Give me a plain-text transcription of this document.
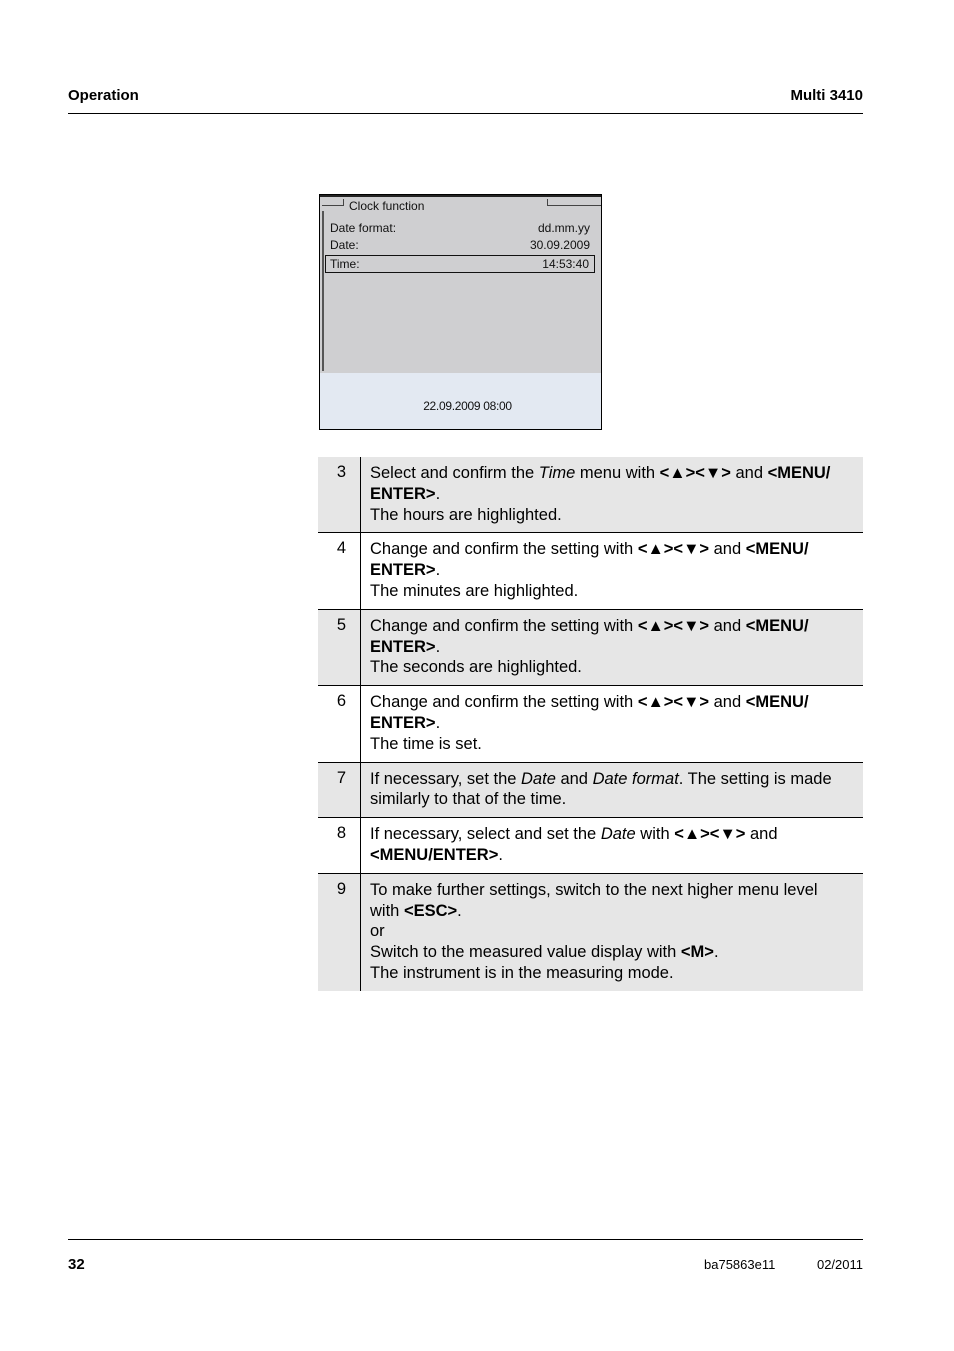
Operation	Multi 3410
Clock function
Date format:	dd.mm.yy
Date:	30.09.2009
Time:	14:53:40
22.09.2009 08:00
3	Select and confirm the Time menu with <▲><▼> and <MENU/
ENTER>.
The hours are highlighted.
4	Change and confirm the setting with <▲><▼> and <MENU/
ENTER>.
The minutes are highlighted.
5	Change and confirm the setting with <▲><▼> and <MENU/
ENTER>.
The seconds are highlighted.
6	Change and confirm the setting with <▲><▼> and <MENU/
ENTER>.
The time is set.
7	If necessary, set the Date and Date format. The setting is made
similarly to that of the time.
8	If necessary, select and set the Date with <▲><▼> and
<MENU/ENTER>.
9	To make further settings, switch to the next higher menu level
with <ESC>.
or
Switch to the measured value display with <M>.
The instrument is in the measuring mode.
32	ba75863e11	02/2011
